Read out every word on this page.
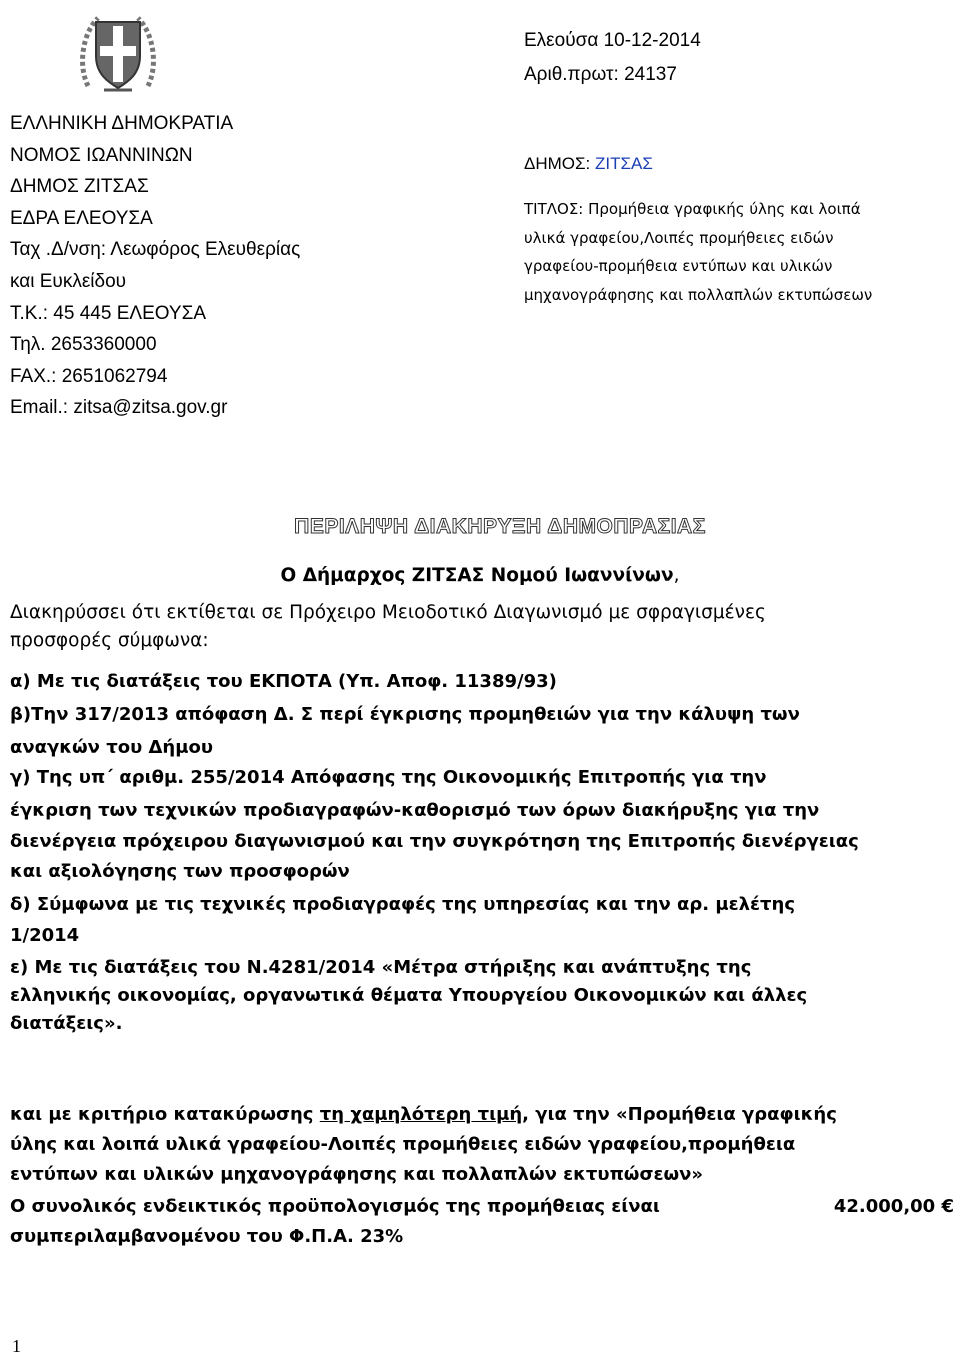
ΕΛΛΗΝΙΚΗ ΔΗΜΟΚΡΑΤΙΑ
ΝΟΜΟΣ ΙΩΑΝΝΙΝΩΝ
ΔΗΜΟΣ ΖΙΤΣΑΣ
ΕΔΡΑ ΕΛΕΟΥΣΑ
Ταχ .Δ/νση: Λεωφόρος Ελευθερίας
και Ευκλείδου
Τ.Κ.: 45 445 ΕΛΕΟΥΣΑ
Τηλ. 2653360000
FAX.: 2651062794
Email.: zitsa@zitsa.gov.gr
Ελεούσα 10-12-2014
Αριθ.πρωτ: 24137
ΔΗΜΟΣ: ΖΙΤΣΑΣ
ΤΙΤΛΟΣ: Προμήθεια γραφικής ύλης και λοιπά
υλικά γραφείου,Λοιπές προμήθειες ειδών
γραφείου-προμήθεια εντύπων και υλικών
μηχανογράφησης και πολλαπλών εκτυπώσεων
ΠΕΡΙΛΗΨΗ ΔΙΑΚΗΡΥΞΗ ΔΗΜΟΠΡΑΣΙΑΣ
Ο Δήμαρχος ΖΙΤΣΑΣ Νομού Ιωαννίνων,
Διακηρύσσει ότι εκτίθεται σε Πρόχειρο Μειοδοτικό Διαγωνισμό με σφραγισμένες
προσφορές σύμφωνα:
α) Με τις διατάξεις του ΕΚΠΟΤΑ (Υπ. Αποφ. 11389/93)
β)Την 317/2013 απόφαση Δ. Σ περί έγκρισης προμηθειών για την κάλυψη των
αναγκών του Δήμου
γ) Της υπ΄ αριθμ. 255/2014 Απόφασης της Οικονομικής Επιτροπής για την
έγκριση των τεχνικών προδιαγραφών-καθορισμό των όρων διακήρυξης για την
διενέργεια πρόχειρου διαγωνισμού και την συγκρότηση της Επιτροπής διενέργειας
και αξιολόγησης των προσφορών
δ) Σύμφωνα με τις τεχνικές προδιαγραφές της υπηρεσίας και την αρ. μελέτης
1/2014
ε) Με τις διατάξεις του Ν.4281/2014 «Μέτρα στήριξης και ανάπτυξης της
ελληνικής οικονομίας, οργανωτικά θέματα Υπουργείου Οικονομικών και άλλες
διατάξεις».
και με κριτήριο κατακύρωσης τη χαμηλότερη τιμή, για την «Προμήθεια γραφικής
ύλης και λοιπά υλικά γραφείου-Λοιπές προμήθειες ειδών γραφείου,προμήθεια
εντύπων και υλικών μηχανογράφησης και πολλαπλών εκτυπώσεων»
Ο συνολικός ενδεικτικός προϋπολογισμός της προμήθειας είναι	42.000,00 €
συμπεριλαμβανομένου του Φ.Π.Α. 23%
1
